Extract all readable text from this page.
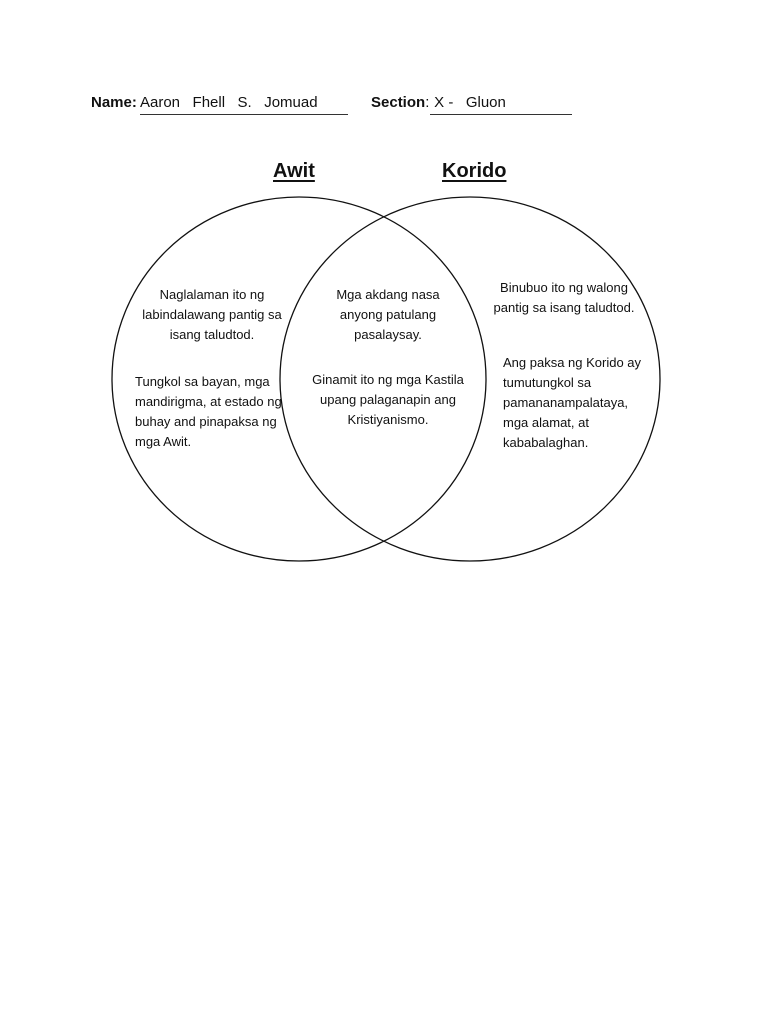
Name: Aaron   Fhell   S.   Jomuad	Section: X -   Gluon
Awit	Korido
Naglalaman ito ng labindalawang pantig sa isang taludtod.
Tungkol sa bayan, mga mandirigma, at estado ng buhay and pinapaksa ng mga Awit.
Mga akdang nasa anyong patulang pasalaysay.
Ginamit ito ng mga Kastila upang palaganapin ang Kristiyanismo.
Binubuo ito ng walong pantig sa isang taludtod.
Ang paksa ng Korido ay tumutungkol sa pamananampalataya, mga alamat, at kababalaghan.
